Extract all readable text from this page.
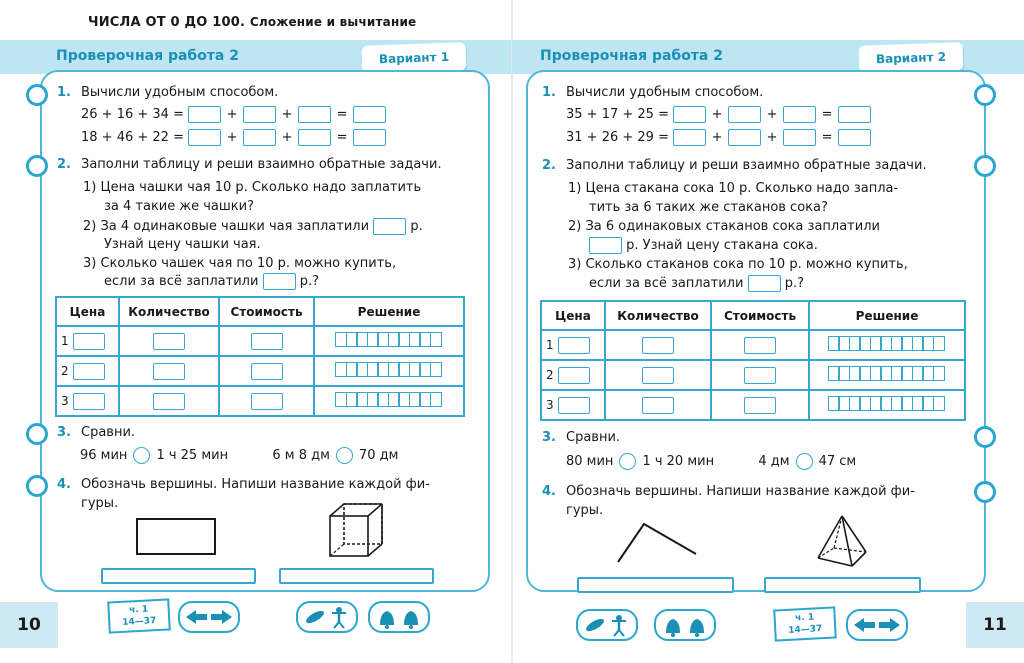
ЧИСЛА ОТ 0 ДО 100. Сложение и вычитание
Проверочная работа 2	Вариант 1
1. Вычисли удобным способом.
26 + 16 + 34 =	+	+	=
18 + 46 + 22 =	+	+	=
2. Заполни таблицу и реши взаимно обратные задачи.
1) Цена чашки чая 10 р. Сколько надо заплатить
за 4 такие же чашки?
2) За 4 одинаковые чашки чая заплатили	р.
Узнай цену чашки чая.
3) Сколько чашек чая по 10 р. можно купить,
если за всё заплатили	р.?
Цена	Количество	Стоимость	Решение
1			

2			

3			
3. Сравни.
96 мин 1 ч 25 мин	6 м 8 дм 70 дм
4. Обозначь вершины. Напиши название каждой фи-
гуры.
10
ч. 1
14—37
Проверочная работа 2	Вариант 2
1. Вычисли удобным способом.
35 + 17 + 25 =	+	+	=
31 + 26 + 29 =	+	+	=
2. Заполни таблицу и реши взаимно обратные задачи.
1) Цена стакана сока 10 р. Сколько надо запла-
тить за 6 таких же стаканов сока?
2) За 6 одинаковых стаканов сока заплатили
р. Узнай цену стакана сока.
3) Сколько стаканов сока по 10 р. можно купить,
если за всё заплатили	р.?
Цена	Количество	Стоимость	Решение
1			

2			

3			
3. Сравни.
80 мин 1 ч 20 мин	4 дм 47 см
4. Обозначь вершины. Напиши название каждой фи-
гуры.
11
ч. 1
14—37
